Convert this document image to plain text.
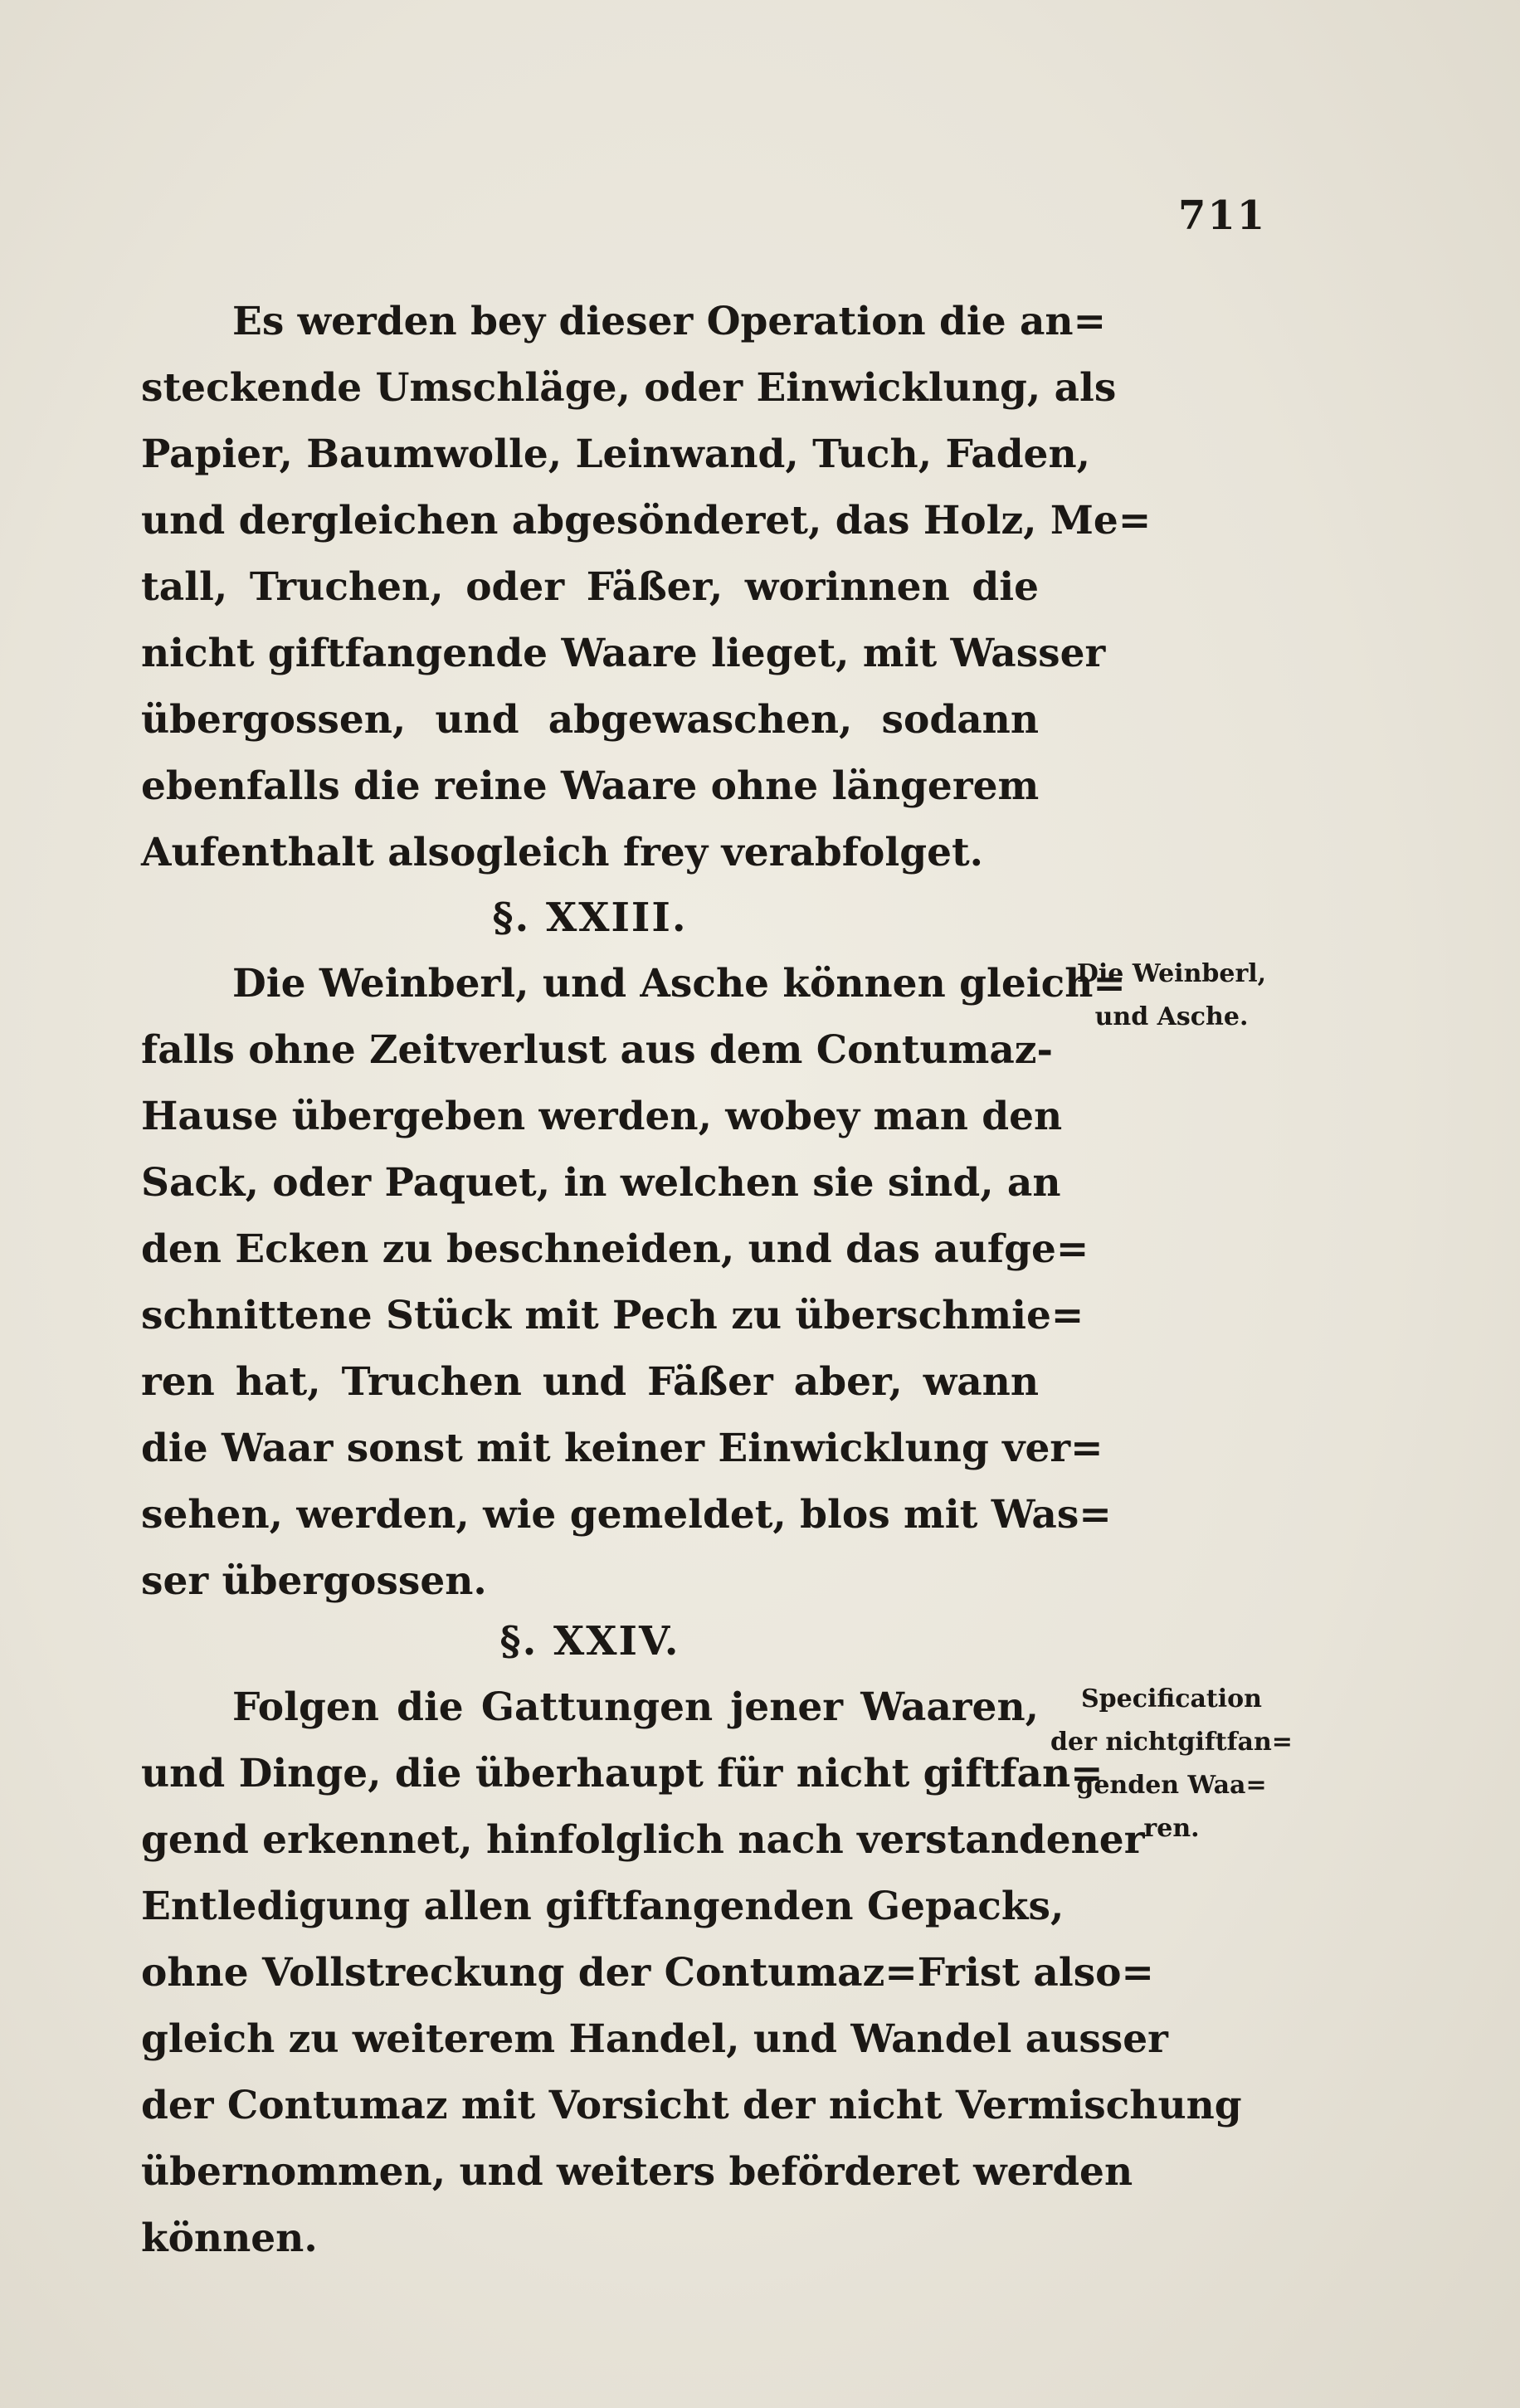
711
Es werden bey dieser Operation die an=
steckende Umschläge, oder Einwicklung, als
Papier, Baumwolle, Leinwand, Tuch, Faden,
und dergleichen abgesönderet, das Holz, Me=
tall, Truchen, oder Fäßer, worinnen die
nicht giftfangende Waare lieget, mit Wasser
übergossen, und abgewaschen, sodann
ebenfalls die reine Waare ohne längerem
Aufenthalt alsogleich frey verabfolget.
§. XXIII.
Die Weinberl,
und Asche.
Die Weinberl, und Asche können gleich=
falls ohne Zeitverlust aus dem Contumaz-
Hause übergeben werden, wobey man den
Sack, oder Paquet, in welchen sie sind, an
den Ecken zu beschneiden, und das aufge=
schnittene Stück mit Pech zu überschmie=
ren hat, Truchen und Fäßer aber, wann
die Waar sonst mit keiner Einwicklung ver=
sehen, werden, wie gemeldet, blos mit Was=
ser übergossen.
§. XXIV.
Specification
der nichtgiftfan=
genden Waa=
ren.
Folgen die Gattungen jener Waaren,
und Dinge, die überhaupt für nicht giftfan=
gend erkennet, hinfolglich nach verstandener
Entledigung allen giftfangenden Gepacks,
ohne Vollstreckung der Contumaz=Frist also=
gleich zu weiterem Handel, und Wandel ausser
der Contumaz mit Vorsicht der nicht Vermischung
übernommen, und weiters beförderet werden
können.
